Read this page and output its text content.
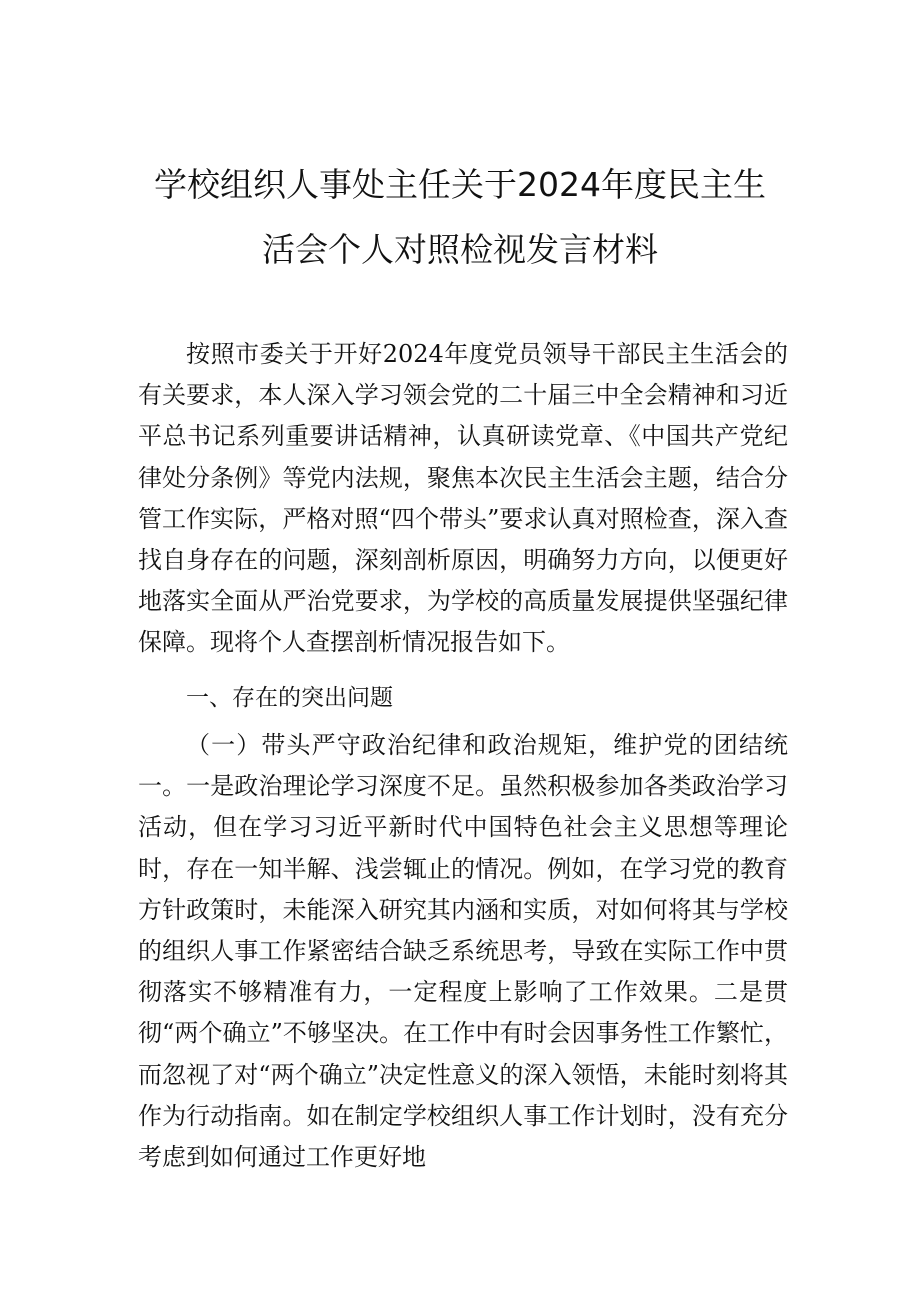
学校组织人事处主任关于2024年度民主生
活会个人对照检视发言材料

按照市委关于开好2024年度党员领导干部民主生活会的有关要求，本人深入学习领会党的二十届三中全会精神和习近平总书记系列重要讲话精神，认真研读党章、《中国共产党纪律处分条例》等党内法规，聚焦本次民主生活会主题，结合分管工作实际，严格对照“四个带头”要求认真对照检查，深入查找自身存在的问题，深刻剖析原因，明确努力方向，以便更好地落实全面从严治党要求，为学校的高质量发展提供坚强纪律保障。现将个人查摆剖析情况报告如下。

一、存在的突出问题

（一）带头严守政治纪律和政治规矩，维护党的团结统一。一是政治理论学习深度不足。虽然积极参加各类政治学习活动，但在学习习近平新时代中国特色社会主义思想等理论时，存在一知半解、浅尝辄止的情况。例如，在学习党的教育方针政策时，未能深入研究其内涵和实质，对如何将其与学校的组织人事工作紧密结合缺乏系统思考，导致在实际工作中贯彻落实不够精准有力，一定程度上影响了工作效果。二是贯彻“两个确立”不够坚决。在工作中有时会因事务性工作繁忙，而忽视了对“两个确立”决定性意义的深入领悟，未能时刻将其作为行动指南。如在制定学校组织人事工作计划时，没有充分考虑到如何通过工作更好地
